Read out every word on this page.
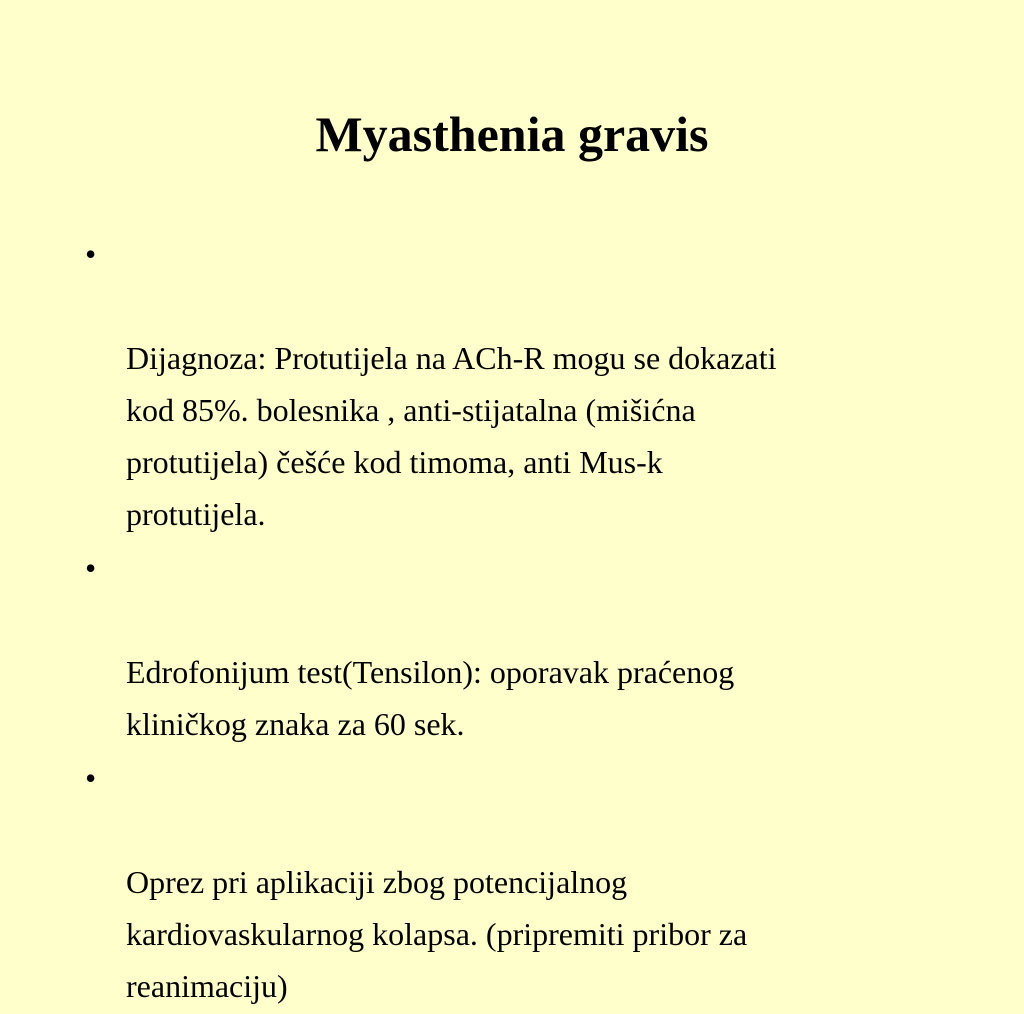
Myasthenia gravis

•

Dijagnoza: Protutijela na ACh-R mogu se dokazati
kod 85%. bolesnika , anti-stijatalna (mišićna
protutijela) češće kod timoma, anti Mus-k
protutijela.

•

Edrofonijum test(Tensilon): oporavak praćenog
kliničkog znaka za 60 sek.

•

Oprez pri aplikaciji zbog potencijalnog
kardiovaskularnog kolapsa. (pripremiti pribor za
reanimaciju)
